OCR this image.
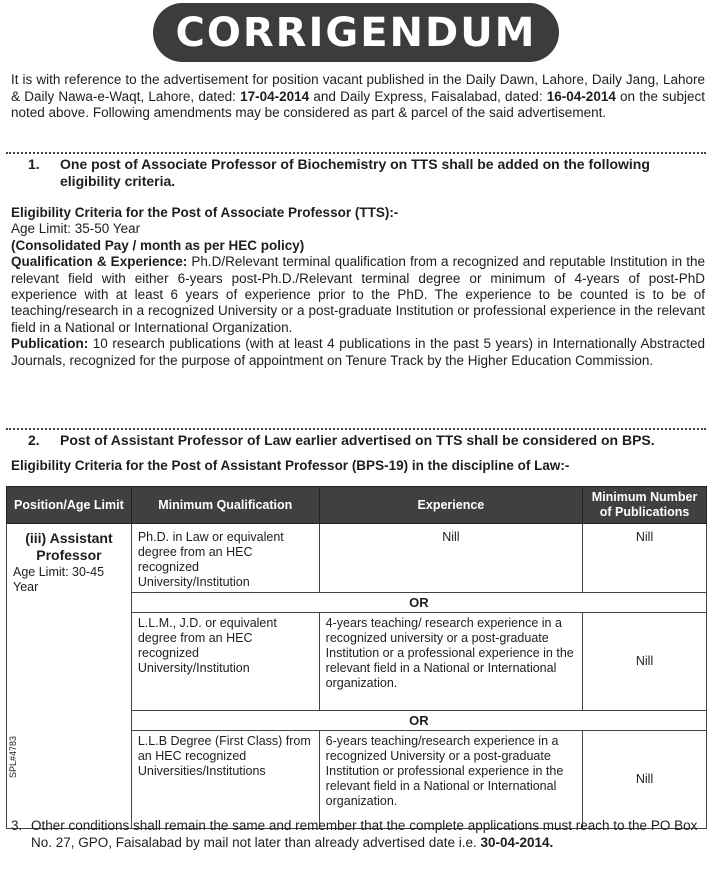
CORRIGENDUM
It is with reference to the advertisement for position vacant published in the Daily Dawn, Lahore, Daily Jang, Lahore & Daily Nawa-e-Waqt, Lahore, dated: 17-04-2014 and Daily Express, Faisalabad, dated: 16-04-2014 on the subject noted above. Following amendments may be considered as part & parcel of the said advertisement.
1. One post of Associate Professor of Biochemistry on TTS shall be added on the following eligibility criteria.
Eligibility Criteria for the Post of Associate Professor (TTS):-
Age Limit: 35-50 Year
(Consolidated Pay / month as per HEC policy)
Qualification & Experience: Ph.D/Relevant terminal qualification from a recognized and reputable Institution in the relevant field with either 6-years post-Ph.D./Relevant terminal degree or minimum of 4-years of post-PhD experience with at least 6 years of experience prior to the PhD. The experience to be counted is to be of teaching/research in a recognized University or a post-graduate Institution or professional experience in the relevant field in a National or International Organization.
Publication: 10 research publications (with at least 4 publications in the past 5 years) in Internationally Abstracted Journals, recognized for the purpose of appointment on Tenure Track by the Higher Education Commission.
2. Post of Assistant Professor of Law earlier advertised on TTS shall be considered on BPS.
Eligibility Criteria for the Post of Assistant Professor (BPS-19) in the discipline of Law:-
Position/Age Limit	Minimum Qualification	Experience	Minimum Number of Publications

(iii) Assistant Professor
Age Limit: 30-45 Year	Ph.D. in Law or equivalent degree from an HEC recognized University/Institution	Nill	Nill
	OR		
	L.L.M., J.D. or equivalent degree from an HEC recognized University/Institution	4-years teaching/ research experience in a recognized university or a post-graduate Institution or a professional experience in the relevant field in a National or International organization.	Nill
	OR		
	L.L.B Degree (First Class) from an HEC recognized Universities/Institutions	6-years teaching/research experience in a recognized University or a post-graduate Institution or professional experience in the relevant field in a National or International organization.	Nill
SPL#4783
3. Other conditions shall remain the same and remember that the complete applications must reach to the PO Box No. 27, GPO, Faisalabad by mail not later than already advertised date i.e. 30-04-2014.
